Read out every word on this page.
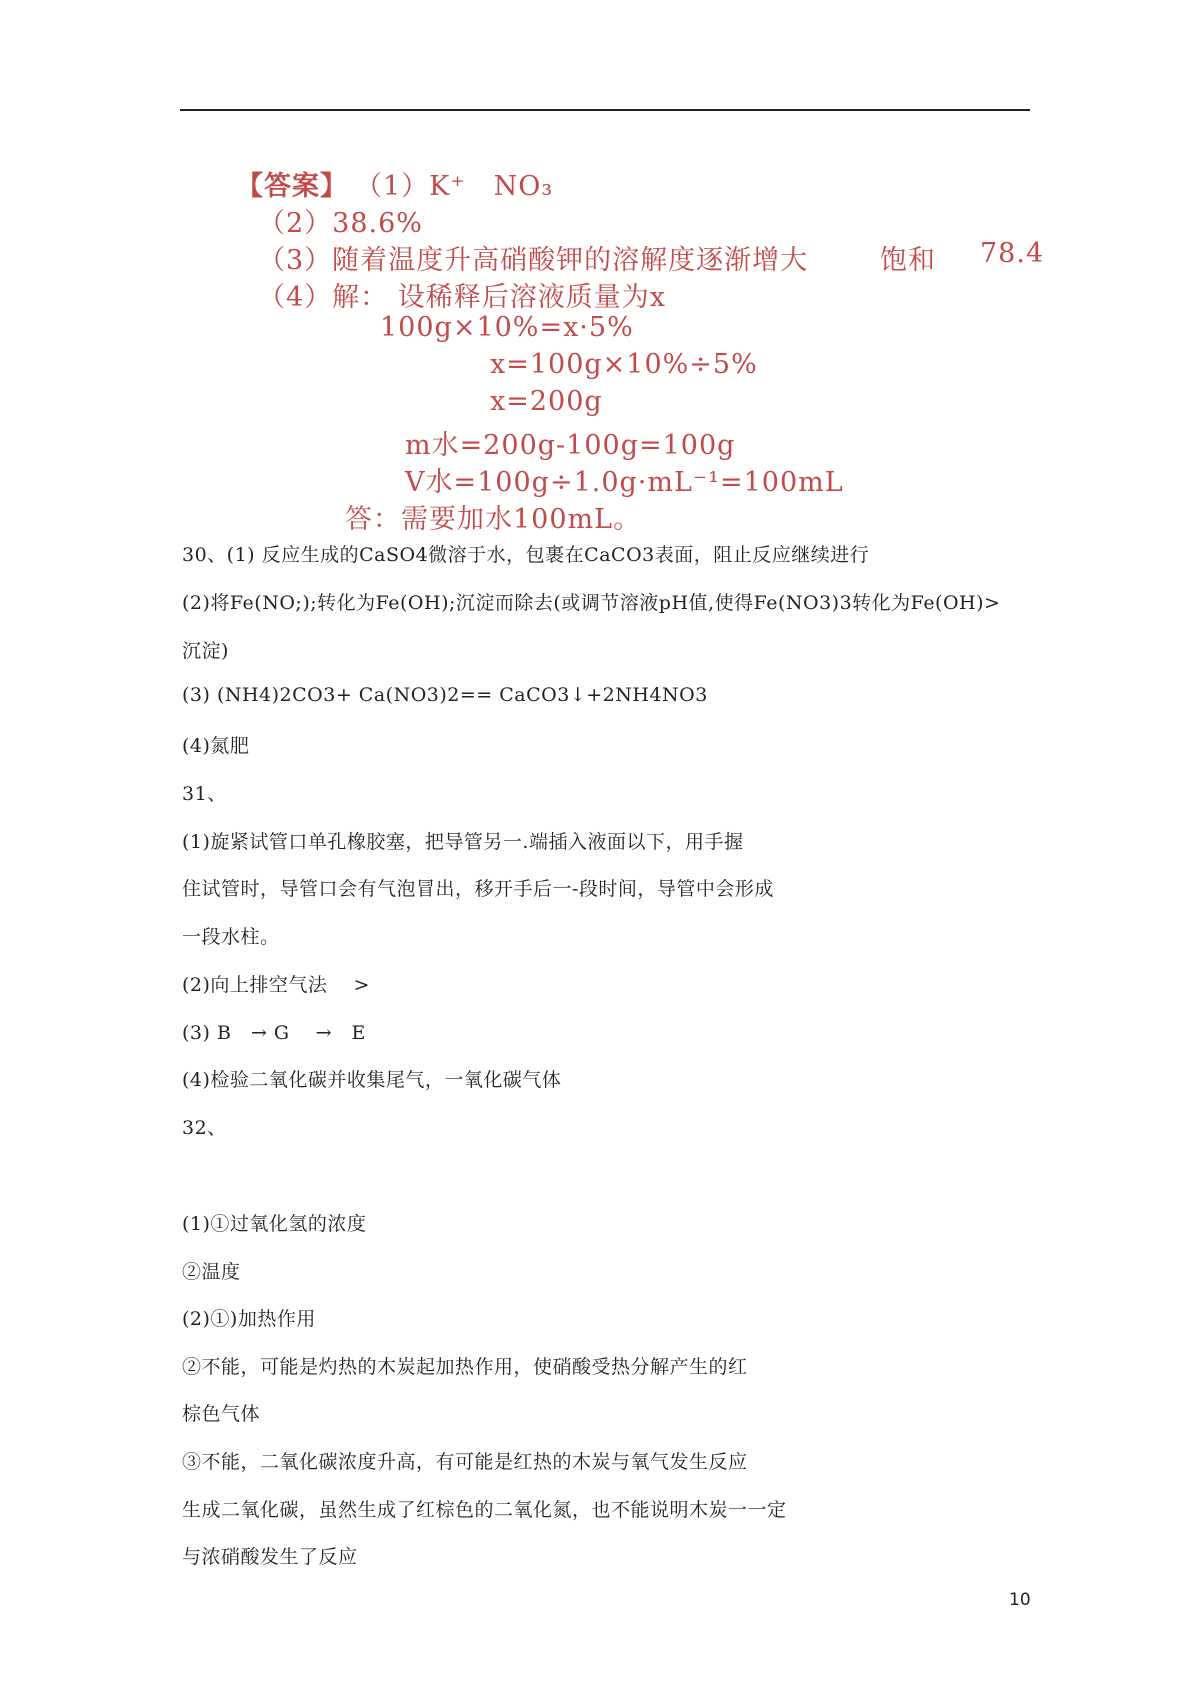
【答案】 （1）K⁺　NO₃
（2）38.6%
（3）随着温度升高硝酸钾的溶解度逐渐增大	饱和 78.4
（4）解： 设稀释后溶液质量为x
100g×10%=x·5%
x=100g×10%÷5%
x=200g
m水=200g-100g=100g
V水=100g÷1.0g·mL⁻¹=100mL
答：需要加水100mL。
30、(1) 反应生成的CaSO4微溶于水，包裹在CaCO3表面，阻止反应继续进行
(2)将Fe(NO;);转化为Fe(OH);沉淀而除去(或调节溶液pH值,使得Fe(NO3)3转化为Fe(OH)>
沉淀)
(3) (NH4)2CO3+ Ca(NO3)2== CaCO3↓+2NH4NO3
(4)氮肥
31、
(1)旋紧试管口单孔橡胶塞，把导管另一.端插入液面以下，用手握
住试管时，导管口会有气泡冒出，移开手后一-段时间，导管中会形成
一段水柱。
(2)向上排空气法　 >
(3) B　→ G　 →　E
(4)检验二氧化碳并收集尾气，一氧化碳气体
32、
(1)①过氧化氢的浓度
②温度
(2)①)加热作用
②不能，可能是灼热的木炭起加热作用，使硝酸受热分解产生的红
棕色气体
③不能，二氧化碳浓度升高，有可能是红热的木炭与氧气发生反应
生成二氧化碳，虽然生成了红棕色的二氧化氮，也不能说明木炭一一定
与浓硝酸发生了反应
10
